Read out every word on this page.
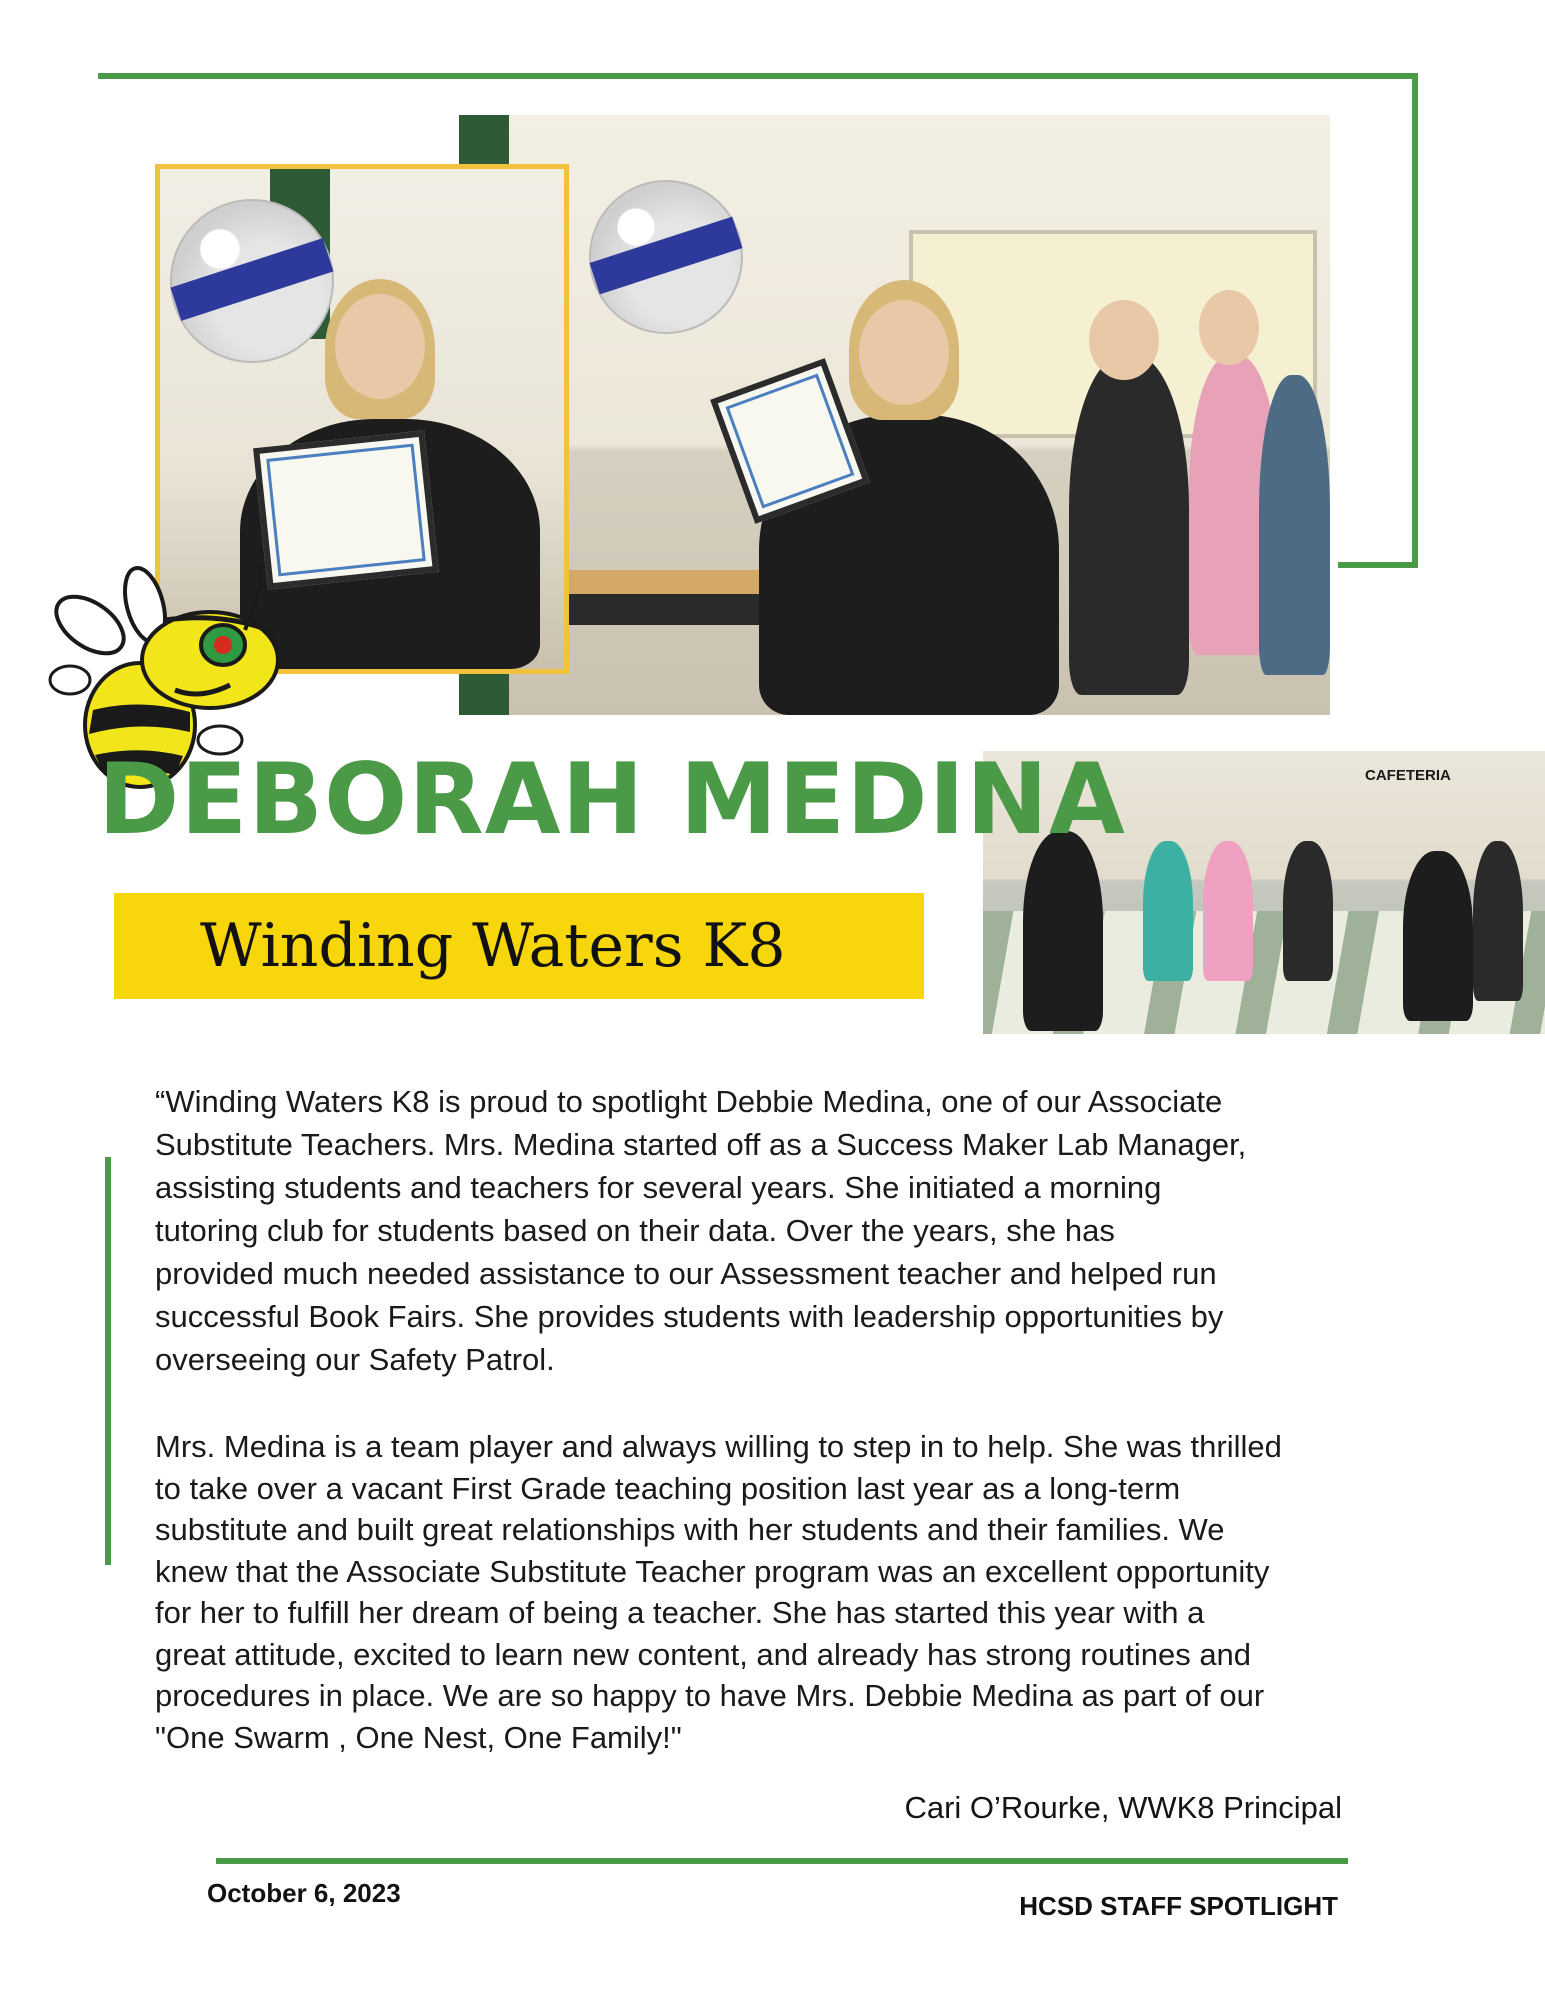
CAFETERIA
DEBORAH MEDINA
Winding Waters K8
“Winding Waters K8 is proud to spotlight Debbie Medina, one of our Associate
Substitute Teachers. Mrs. Medina started off as a Success Maker Lab Manager,
assisting students and teachers for several years. She initiated a morning
tutoring club for students based on their data. Over the years, she has
provided much needed assistance to our Assessment teacher and helped run
successful Book Fairs. She provides students with leadership opportunities by
overseeing our Safety Patrol.
Mrs. Medina is a team player and always willing to step in to help. She was thrilled
to take over a vacant First Grade teaching position last year as a long-term
substitute and built great relationships with her students and their families. We
knew that the Associate Substitute Teacher program was an excellent opportunity
for her to fulfill her dream of being a teacher. She has started this year with a
great attitude, excited to learn new content, and already has strong routines and
procedures in place. We are so happy to have Mrs. Debbie Medina as part of our
"One Swarm , One Nest, One Family!"
Cari O’Rourke, WWK8 Principal
October 6, 2023	HCSD STAFF SPOTLIGHT
